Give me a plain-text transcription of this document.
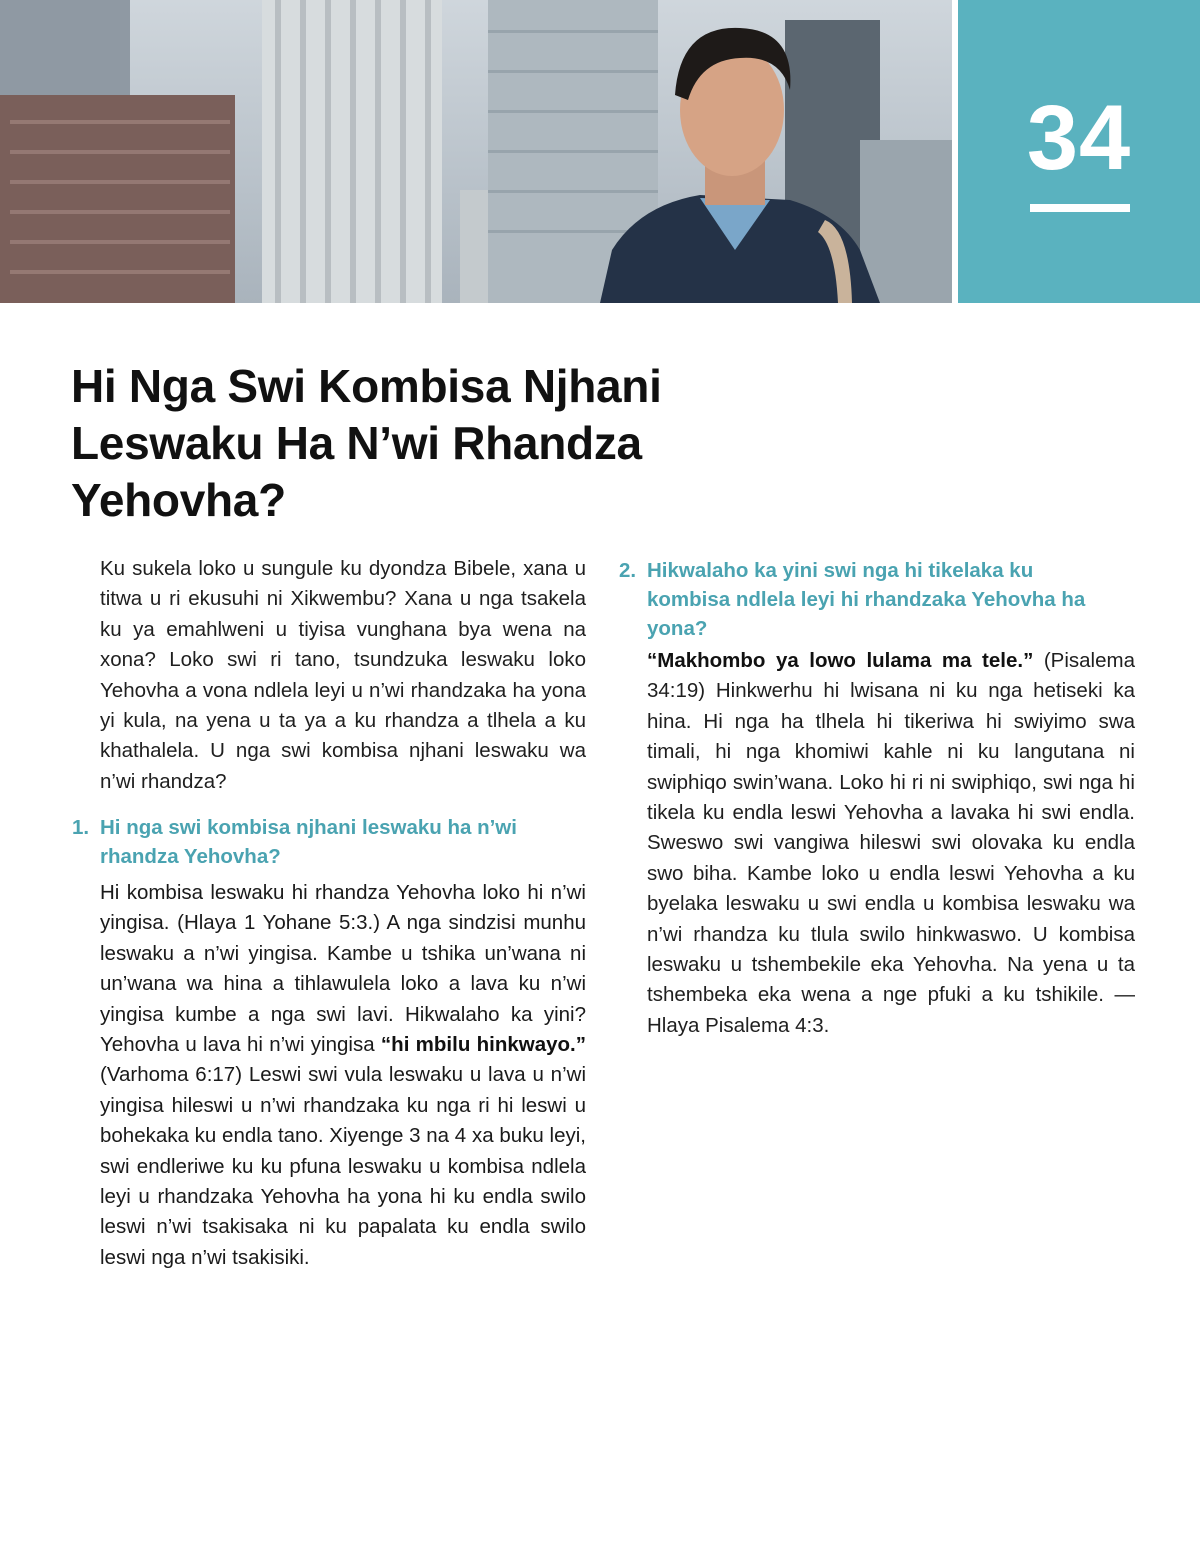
34
Hi Nga Swi Kombisa Njhani Leswaku Ha N’wi Rhandza Yehovha?

Ku sukela loko u sungule ku dyondza Bibele, xana u titwa u ri ekusuhi ni Xikwembu? Xana u nga tsakela ku ya emahlweni u tiyisa vunghana bya wena na xona? Loko swi ri tano, tsundzuka leswaku loko Yehovha a vona ndlela leyi u n’wi rhandzaka ha yona yi kula, na yena u ta ya a ku rhandza a tlhela a ku khathalela. U nga swi kombisa njhani leswaku wa n’wi rhandza?

1. Hi nga swi kombisa njhani leswaku ha n’wi rhandza Yehovha?

Hi kombisa leswaku hi rhandza Yehovha loko hi n’wi yingisa. (Hlaya 1 Yohane 5:3.) A nga sindzisi munhu leswaku a n’wi yingisa. Kambe u tshika un’wana ni un’wana wa hina a tihlawulela loko a lava ku n’wi yingisa kumbe a nga swi lavi. Hikwalaho ka yini? Yehovha u lava hi n’wi yingisa “hi mbilu hinkwayo.” (Varhoma 6:17) Leswi swi vula leswaku u lava u n’wi yingisa hileswi u n’wi rhandzaka ku nga ri hi leswi u bohekaka ku endla tano. Xiyenge 3 na 4 xa buku leyi, swi endleriwe ku ku pfuna leswaku u kombisa ndlela leyi u rhandzaka Yehovha ha yona hi ku endla swilo leswi n’wi tsakisaka ni ku papalata ku endla swilo leswi nga n’wi tsakisiki.

2. Hikwalaho ka yini swi nga hi tikelaka ku kombisa ndlela leyi hi rhandzaka Yehovha ha yona?

“Makhombo ya lowo lulama ma tele.” (Pisalema 34:19) Hinkwerhu hi lwisana ni ku nga hetiseki ka hina. Hi nga ha tlhela hi tikeriwa hi swiyimo swa timali, hi nga khomiwi kahle ni ku langutana ni swiphiqo swin’wana. Loko hi ri ni swiphiqo, swi nga hi tikela ku endla leswi Yehovha a lavaka hi swi endla. Sweswo swi vangiwa hileswi swi olovaka ku endla swo biha. Kambe loko u endla leswi Yehovha a ku byelaka leswaku u swi endla u kombisa leswaku wa n’wi rhandza ku tlula swilo hinkwaswo. U kombisa leswaku u tshembekile eka Yehovha. Na yena u ta tshembeka eka wena a nge pfuki a ku tshikile. —Hlaya Pisalema 4:3.
